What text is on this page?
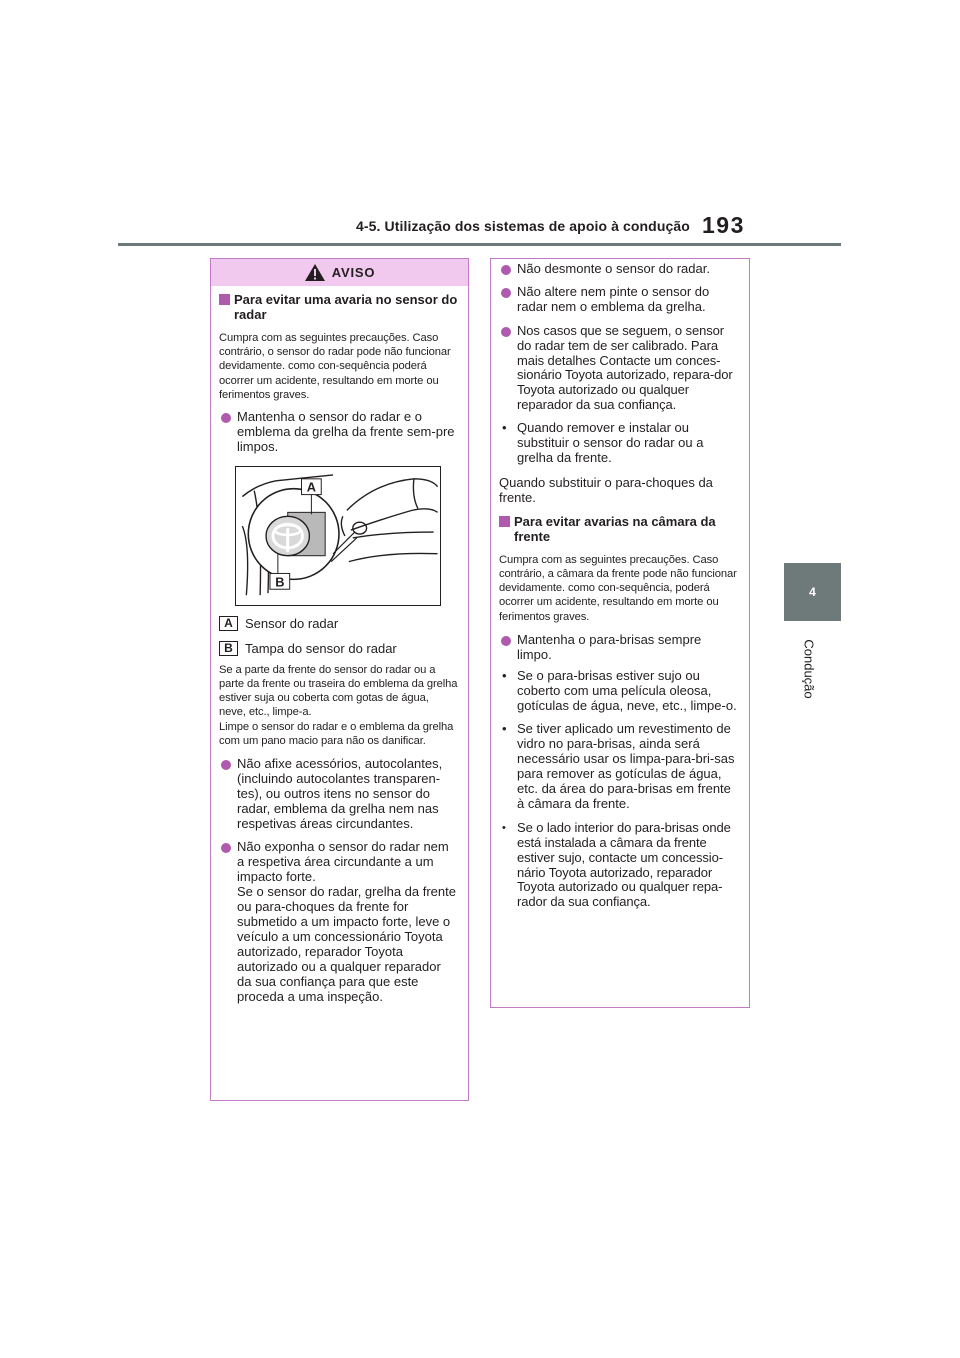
4-5. Utilização dos sistemas de apoio à condução 193
4
Condução
AVISO
Para evitar uma avaria no sensor do radar
Cumpra com as seguintes precauções. Caso contrário, o sensor do radar pode não funcionar devidamente. como con-sequência poderá ocorrer um acidente, resultando em morte ou ferimentos graves.
Mantenha o sensor do radar e o emblema da grelha da frente sem-pre limpos.
A
B
A Sensor do radar
B Tampa do sensor do radar
Se a parte da frente do sensor do radar ou a parte da frente ou traseira do emblema da grelha estiver suja ou coberta com gotas de água, neve, etc., limpe-a.
Limpe o sensor do radar e o emblema da grelha com um pano macio para não os danificar.
Não afixe acessórios, autocolantes, (incluindo autocolantes transparen-tes), ou outros itens no sensor do radar, emblema da grelha nem nas respetivas áreas circundantes.
Não exponha o sensor do radar nem a respetiva área circundante a um impacto forte.
Se o sensor do radar, grelha da frente ou para-choques da frente for submetido a um impacto forte, leve o veículo a um concessionário Toyota autorizado, reparador Toyota autorizado ou a qualquer reparador da sua confiança para que este proceda a uma inspeção.
Não desmonte o sensor do radar.
Não altere nem pinte o sensor do radar nem o emblema da grelha.
Nos casos que se seguem, o sensor do radar tem de ser calibrado. Para mais detalhes Contacte um conces-sionário Toyota autorizado, repara-dor Toyota autorizado ou qualquer reparador da sua confiança.
• Quando remover e instalar ou substituir o sensor do radar ou a grelha da frente.
Quando substituir o para-choques da frente.
Para evitar avarias na câmara da frente
Cumpra com as seguintes precauções. Caso contrário, a câmara da frente pode não funcionar devidamente. como con-sequência, poderá ocorrer um acidente, resultando em morte ou ferimentos graves.
Mantenha o para-brisas sempre limpo.
• Se o para-brisas estiver sujo ou coberto com uma película oleosa, gotículas de água, neve, etc., limpe-o.
• Se tiver aplicado um revestimento de vidro no para-brisas, ainda será necessário usar os limpa-para-bri-sas para remover as gotículas de água, etc. da área do para-brisas em frente à câmara da frente.
• Se o lado interior do para-brisas onde está instalada a câmara da frente estiver sujo, contacte um concessio-nário Toyota autorizado, reparador Toyota autorizado ou qualquer repa-rador da sua confiança.
